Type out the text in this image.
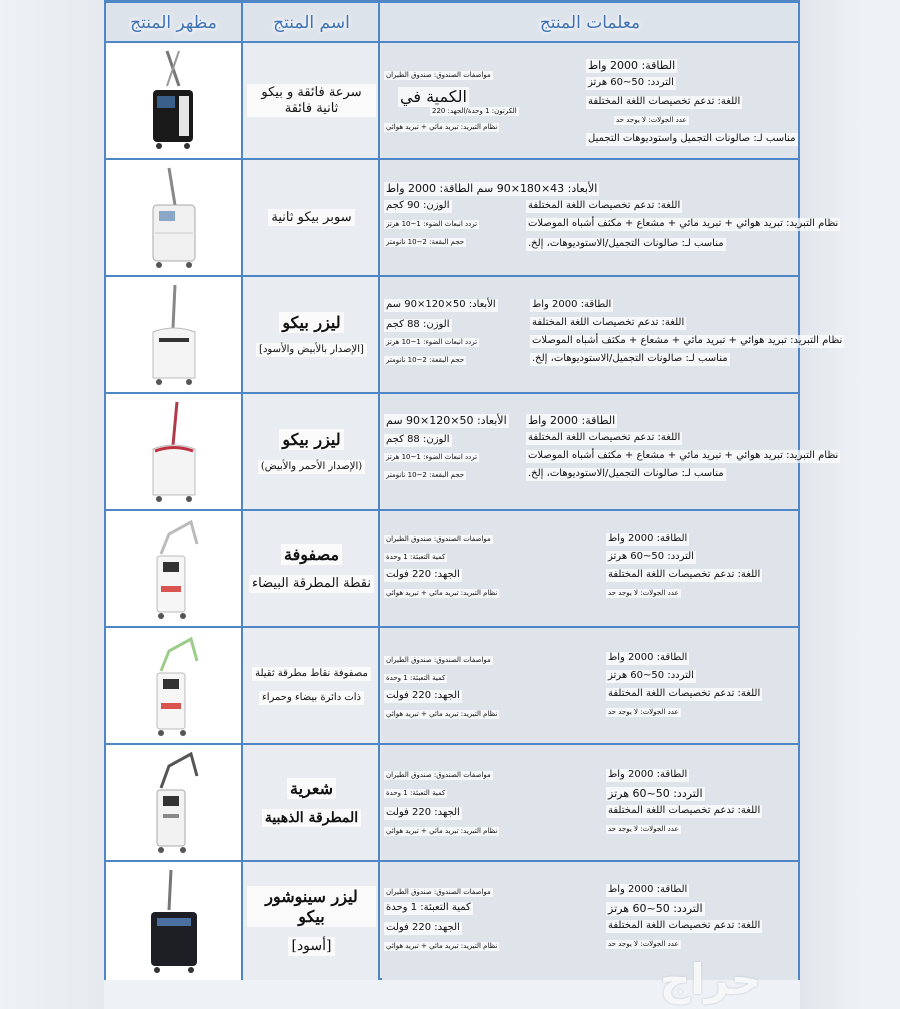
مظهر المنتج	اسم المنتج	معلمات المنتج
سرعة فائقة و بيكو ثانية فائقة
الطاقة: 2000 واط
التردد: 50~60 هرتز
اللغة: تدعم تخصيصات اللغة المختلفة
عدد الجولات: لا يوجد حد
مناسب لـ: صالونات التجميل واستوديوهات التجميل
مواصفات الصندوق: صندوق الطيران
الكمية في
الكرتون: 1 وحدة/الجهد: 220
نظام التبريد: تبريد مائي + تبريد هوائي
سوبر بيكو ثانية
الأبعاد: 43×180×90 سم الطاقة: 2000 واط
اللغة: تدعم تخصيصات اللغة المختلفة
نظام التبريد: تبريد هوائي + تبريد مائي + مشعاع + مكثف أشباه الموصلات
مناسب لـ: صالونات التجميل/الاستوديوهات، إلخ.
الوزن: 90 كجم
تردد انبعاث الضوء: 1~10 هرتز
حجم البقعة: 2~10 نانومتر
ليزر بيكو
[الإصدار بالأبيض والأسود]
الطاقة: 2000 واط
اللغة: تدعم تخصيصات اللغة المختلفة
نظام التبريد: تبريد هوائي + تبريد مائي + مشعاع + مكثف أشباه الموصلات
مناسب لـ: صالونات التجميل/الاستوديوهات، إلخ.
الأبعاد: 50×120×90 سم
الوزن: 88 كجم
تردد انبعاث الضوء: 1~10 هرتز
حجم البقعة: 2~10 نانومتر
ليزر بيكو
(الإصدار الأحمر والأبيض)
الطاقة: 2000 واط
اللغة: تدعم تخصيصات اللغة المختلفة
نظام التبريد: تبريد هوائي + تبريد مائي + مشعاع + مكثف أشباه الموصلات
مناسب لـ: صالونات التجميل/الاستوديوهات، إلخ.
الأبعاد: 50×120×90 سم
الوزن: 88 كجم
تردد انبعاث الضوء: 1~10 هرتز
حجم البقعة: 2~10 نانومتر
مصفوفة
نقطة المطرقة البيضاء
الطاقة: 2000 واط
التردد: 50~60 هرتز
اللغة: تدعم تخصيصات اللغة المختلفة
عدد الجولات: لا يوجد حد
مواصفات الصندوق: صندوق الطيران
كمية التعبئة: 1 وحدة
الجهد: 220 فولت
نظام التبريد: تبريد مائي + تبريد هوائي
مصفوفة نقاط مطرقة ثقيلة
ذات دائرة بيضاء وحمراء
الطاقة: 2000 واط
التردد: 50~60 هرتز
اللغة: تدعم تخصيصات اللغة المختلفة
عدد الجولات: لا يوجد حد
مواصفات الصندوق: صندوق الطيران
كمية التعبئة: 1 وحدة
الجهد: 220 فولت
نظام التبريد: تبريد مائي + تبريد هوائي
شعرية
المطرقة الذهبية
الطاقة: 2000 واط
التردد: 50~60 هرتز
اللغة: تدعم تخصيصات اللغة المختلفة
عدد الجولات: لا يوجد حد
مواصفات الصندوق: صندوق الطيران
كمية التعبئة: 1 وحدة
الجهد: 220 فولت
نظام التبريد: تبريد مائي + تبريد هوائي
ليزر سينوشور بيكو
[أسود]
الطاقة: 2000 واط
التردد: 50~60 هرتز
اللغة: تدعم تخصيصات اللغة المختلفة
عدد الجولات: لا يوجد حد
مواصفات الصندوق: صندوق الطيران
كمية التعبئة: 1 وحدة
الجهد: 220 فولت
نظام التبريد: تبريد مائي + تبريد هوائي
حراج
